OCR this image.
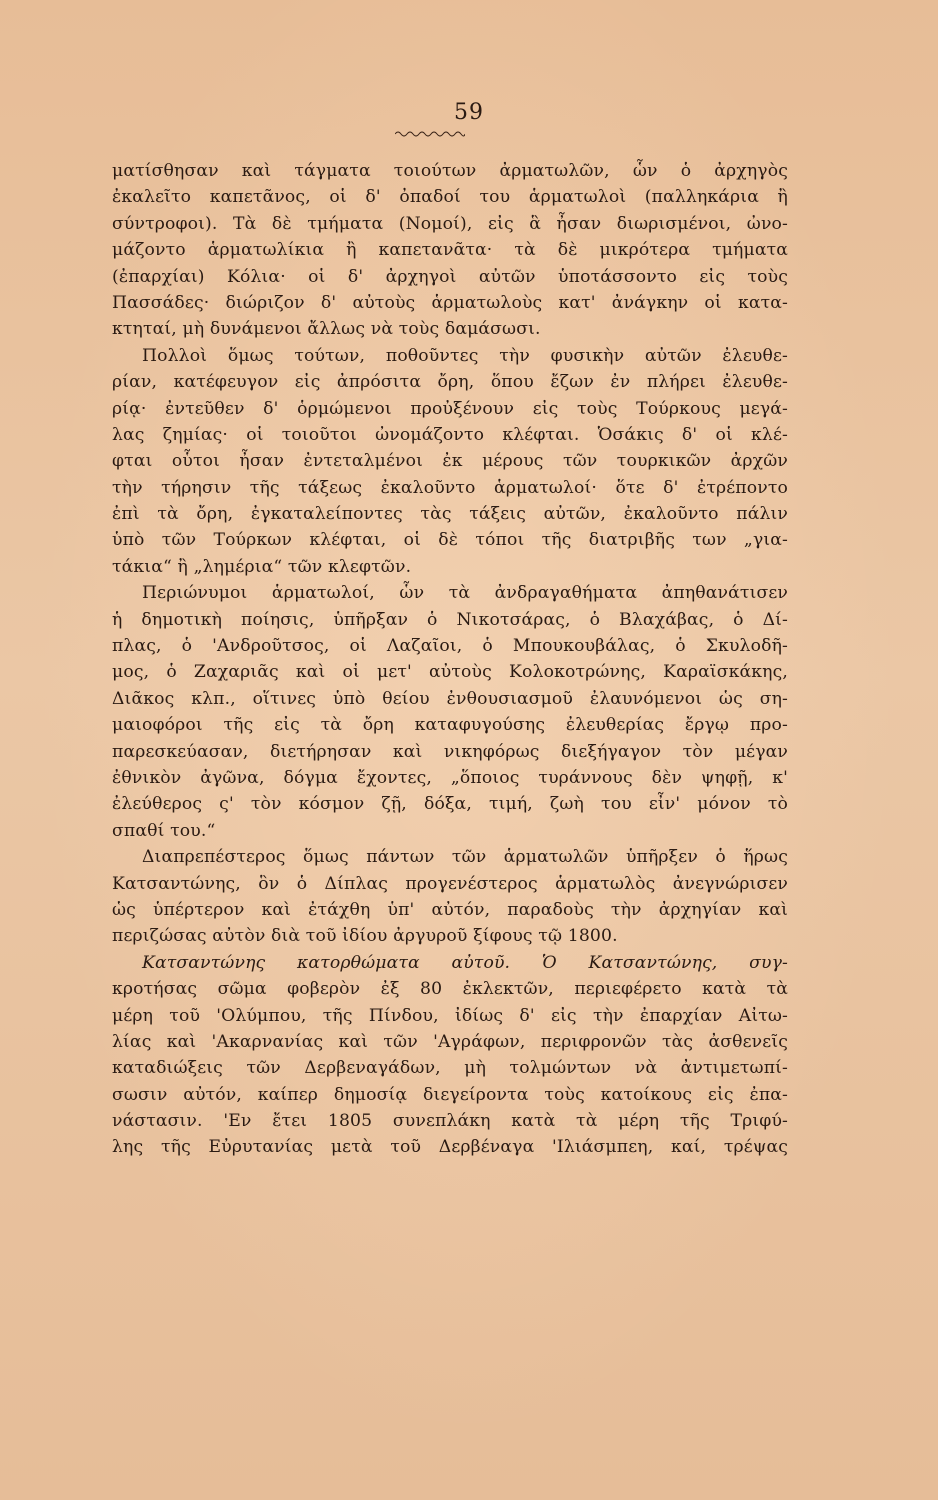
59
ματίσθησαν καὶ τάγματα τοιούτων ἀρματωλῶν, ὧν ὁ ἀρχηγὸς
ἐκαλεῖτο καπετᾶνος, οἱ δ' ὀπαδοί του ἁρματωλοὶ (παλληκάρια ἢ
σύντροφοι). Τὰ δὲ τμήματα (Νομοί), εἰς ἃ ἦσαν διωρισμένοι, ὠνο-
μάζοντο ἁρματωλίκια ἢ καπετανᾶτα· τὰ δὲ μικρότερα τμήματα
(ἐπαρχίαι) Κόλια· οἱ δ' ἀρχηγοὶ αὐτῶν ὑποτάσσοντο εἰς τοὺς
Πασσάδες· διώριζον δ' αὐτοὺς ἁρματωλοὺς κατ' ἀνάγκην οἱ κατα-
κτηταί, μὴ δυνάμενοι ἄλλως νὰ τοὺς δαμάσωσι.
Πολλοὶ ὅμως τούτων, ποθοῦντες τὴν φυσικὴν αὐτῶν ἐλευθε-
ρίαν, κατέφευγον εἰς ἀπρόσιτα ὄρη, ὅπου ἔζων ἐν πλήρει ἐλευθε-
ρίᾳ· ἐντεῦθεν δ' ὁρμώμενοι προὐξένουν εἰς τοὺς Τούρκους μεγά-
λας ζημίας· οἱ τοιοῦτοι ὠνομάζοντο κλέφται. Ὁσάκις δ' οἱ κλέ-
φται οὗτοι ἦσαν ἐντεταλμένοι ἐκ μέρους τῶν τουρκικῶν ἀρχῶν
τὴν τήρησιν τῆς τάξεως ἐκαλοῦντο ἁρματωλοί· ὅτε δ' ἐτρέποντο
ἐπὶ τὰ ὄρη, ἐγκαταλείποντες τὰς τάξεις αὐτῶν, ἐκαλοῦντο πάλιν
ὑπὸ τῶν Τούρκων κλέφται, οἱ δὲ τόποι τῆς διατριβῆς των „για-
τάκια“ ἢ „λημέρια“ τῶν κλεφτῶν.
Περιώνυμοι ἁρματωλοί, ὧν τὰ ἀνδραγαθήματα ἀπηθανάτισεν
ἡ δημοτικὴ ποίησις, ὑπῆρξαν ὁ Νικοτσάρας, ὁ Βλαχάβας, ὁ Δί-
πλας, ὁ 'Ανδροῦτσος, οἱ Λαζαῖοι, ὁ Μπουκουβάλας, ὁ Σκυλοδῆ-
μος, ὁ Ζαχαριᾶς καὶ οἱ μετ' αὐτοὺς Κολοκοτρώνης, Καραϊσκάκης,
Διᾶκος κλπ., οἵτινες ὑπὸ θείου ἐνθουσιασμοῦ ἐλαυνόμενοι ὡς ση-
μαιοφόροι τῆς εἰς τὰ ὄρη καταφυγούσης ἐλευθερίας ἔργῳ προ-
παρεσκεύασαν, διετήρησαν καὶ νικηφόρως διεξήγαγον τὸν μέγαν
ἐθνικὸν ἀγῶνα, δόγμα ἔχοντες, „ὅποιος τυράννους δὲν ψηφῇ, κ'
ἐλεύθερος ς' τὸν κόσμον ζῇ, δόξα, τιμή, ζωὴ του εἶν' μόνον τὸ
σπαθί του.“
Διαπρεπέστερος ὅμως πάντων τῶν ἁρματωλῶν ὑπῆρξεν ὁ ἥρως
Κατσαντώνης, ὃν ὁ Δίπλας προγενέστερος ἁρματωλὸς ἀνεγνώρισεν
ὡς ὑπέρτερον καὶ ἐτάχθη ὑπ' αὐτόν, παραδοὺς τὴν ἀρχηγίαν καὶ
περιζώσας αὐτὸν διὰ τοῦ ἰδίου ἀργυροῦ ξίφους τῷ 1800.
Κατσαντώνης κατορθώματα αὐτοῦ. Ὁ Κατσαντώνης, συγ-
κροτήσας σῶμα φοβερὸν ἐξ 80 ἐκλεκτῶν, περιεφέρετο κατὰ τὰ
μέρη τοῦ 'Ολύμπου, τῆς Πίνδου, ἰδίως δ' εἰς τὴν ἐπαρχίαν Αἰτω-
λίας καὶ 'Ακαρνανίας καὶ τῶν 'Αγράφων, περιφρονῶν τὰς ἀσθενεῖς
καταδιώξεις τῶν Δερβεναγάδων, μὴ τολμώντων νὰ ἀντιμετωπί-
σωσιν αὐτόν, καίπερ δημοσίᾳ διεγείροντα τοὺς κατοίκους εἰς ἐπα-
νάστασιν. 'Εν ἔτει 1805 συνεπλάκη κατὰ τὰ μέρη τῆς Τριφύ-
λης τῆς Εὐρυτανίας μετὰ τοῦ Δερβέναγα 'Ιλιάσμπεη, καί, τρέψας
